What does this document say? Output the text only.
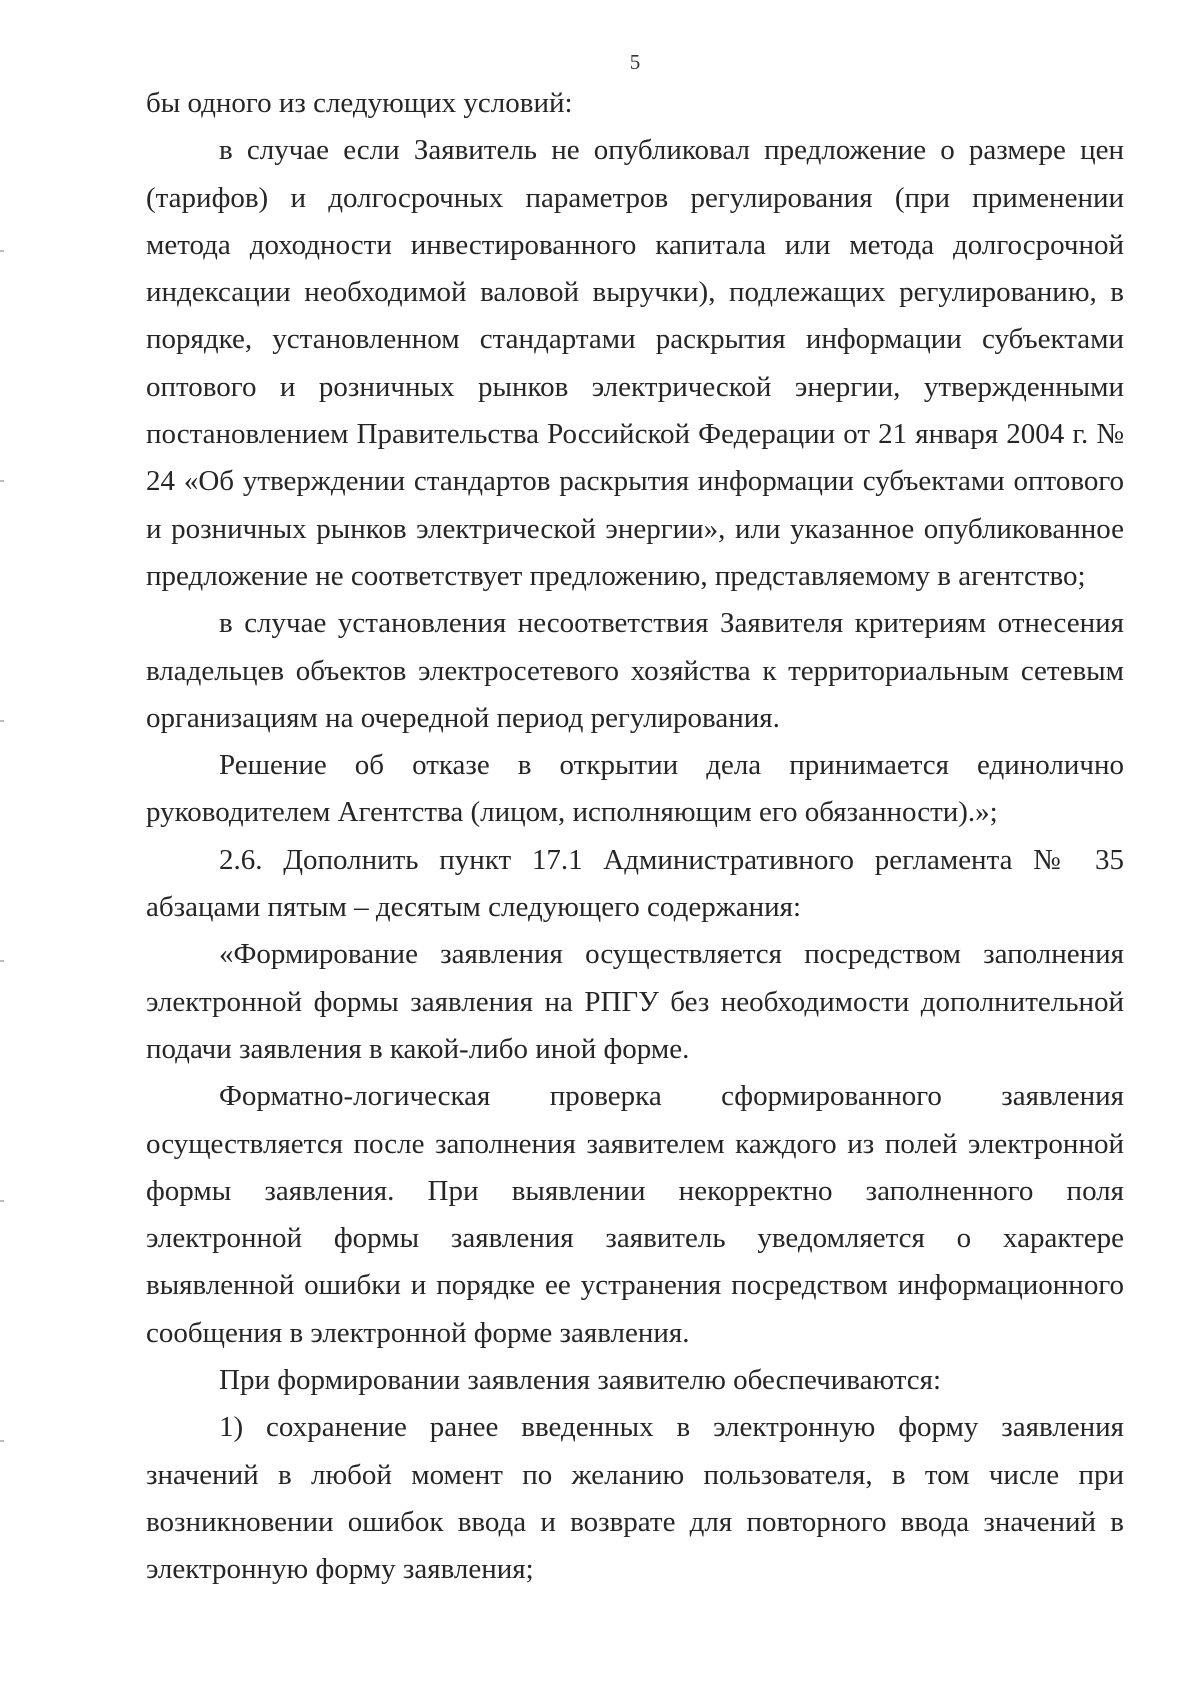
5

бы одного из следующих условий:

в случае если Заявитель не опубликовал предложение о размере цен (тарифов) и долгосрочных параметров регулирования (при применении метода доходности инвестированного капитала или метода долгосрочной индексации необходимой валовой выручки), подлежащих регулированию, в порядке, установленном стандартами раскрытия информации субъектами оптового и розничных рынков электрической энергии, утвержденными постановлением Правительства Российской Федерации от 21 января 2004 г. № 24 «Об утверждении стандартов раскрытия информации субъектами оптового и розничных рынков электрической энергии», или указанное опубликованное предложение не соответствует предложению, представляемому в агентство;

в случае установления несоответствия Заявителя критериям отнесения владельцев объектов электросетевого хозяйства к территориальным сетевым организациям на очередной период регулирования.

Решение об отказе в открытии дела принимается единолично руководителем Агентства (лицом, исполняющим его обязанности).»;

2.6. Дополнить пункт 17.1 Административного регламента № 35 абзацами пятым – десятым следующего содержания:

«Формирование заявления осуществляется посредством заполнения электронной формы заявления на РПГУ без необходимости дополнительной подачи заявления в какой-либо иной форме.

Форматно-логическая проверка сформированного заявления осуществляется после заполнения заявителем каждого из полей электронной формы заявления. При выявлении некорректно заполненного поля электронной формы заявления заявитель уведомляется о характере выявленной ошибки и порядке ее устранения посредством информационного сообщения в электронной форме заявления.

При формировании заявления заявителю обеспечиваются:

1) сохранение ранее введенных в электронную форму заявления значений в любой момент по желанию пользователя, в том числе при возникновении ошибок ввода и возврате для повторного ввода значений в электронную форму заявления;
